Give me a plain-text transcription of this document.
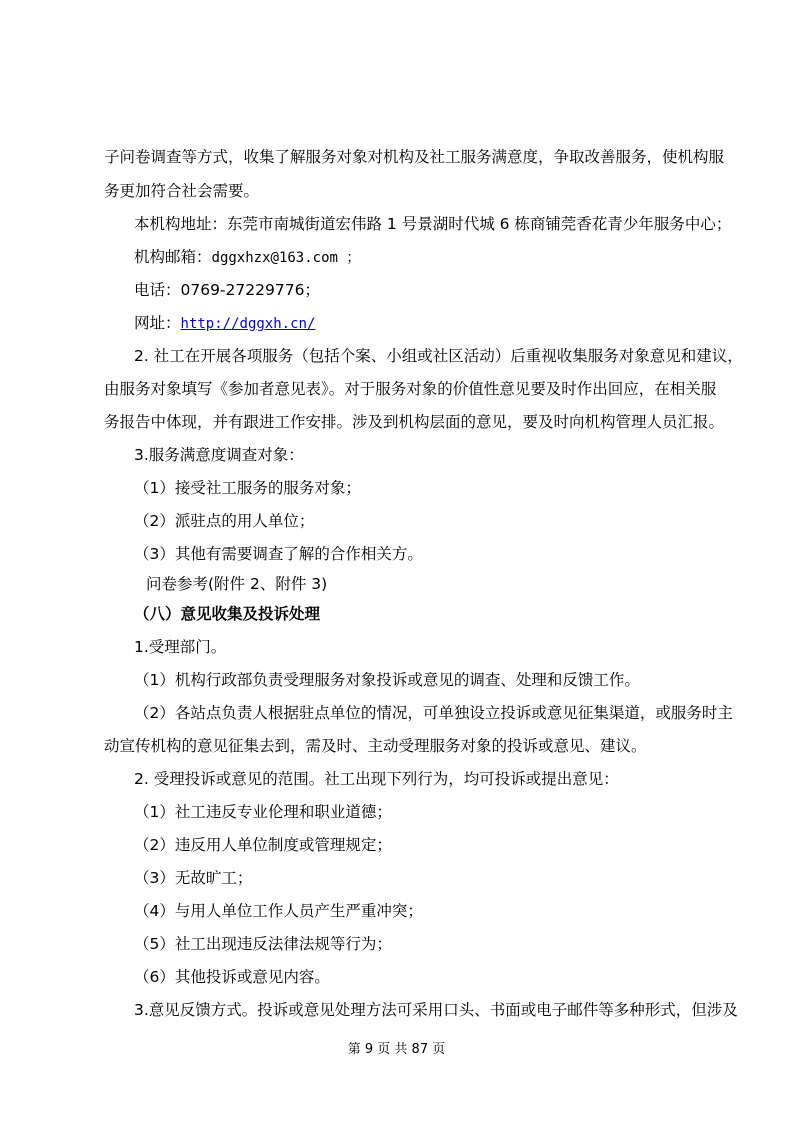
子问卷调查等方式，收集了解服务对象对机构及社工服务满意度，争取改善服务，使机构服
务更加符合社会需要。
本机构地址：东莞市南城街道宏伟路 1 号景湖时代城 6 栋商铺莞香花青少年服务中心；
机构邮箱：dggxhzx@163.com ；
电话：0769-27229776；
网址：http://dggxh.cn/
2. 社工在开展各项服务（包括个案、小组或社区活动）后重视收集服务对象意见和建议，
由服务对象填写《参加者意见表》。对于服务对象的价值性意见要及时作出回应，在相关服
务报告中体现，并有跟进工作安排。涉及到机构层面的意见，要及时向机构管理人员汇报。
3.服务满意度调查对象：
（1）接受社工服务的服务对象；
（2）派驻点的用人单位；
（3）其他有需要调查了解的合作相关方。
问卷参考(附件 2、附件 3)
（八）意见收集及投诉处理
1.受理部门。
（1）机构行政部负责受理服务对象投诉或意见的调查、处理和反馈工作。
（2）各站点负责人根据驻点单位的情况，可单独设立投诉或意见征集渠道，或服务时主
动宣传机构的意见征集去到，需及时、主动受理服务对象的投诉或意见、建议。
2. 受理投诉或意见的范围。社工出现下列行为，均可投诉或提出意见：
（1）社工违反专业伦理和职业道德；
（2）违反用人单位制度或管理规定；
（3）无故旷工；
（4）与用人单位工作人员产生严重冲突；
（5）社工出现违反法律法规等行为；
（6）其他投诉或意见内容。
3.意见反馈方式。投诉或意见处理方法可采用口头、书面或电子邮件等多种形式，但涉及
第 9 页 共 87 页
